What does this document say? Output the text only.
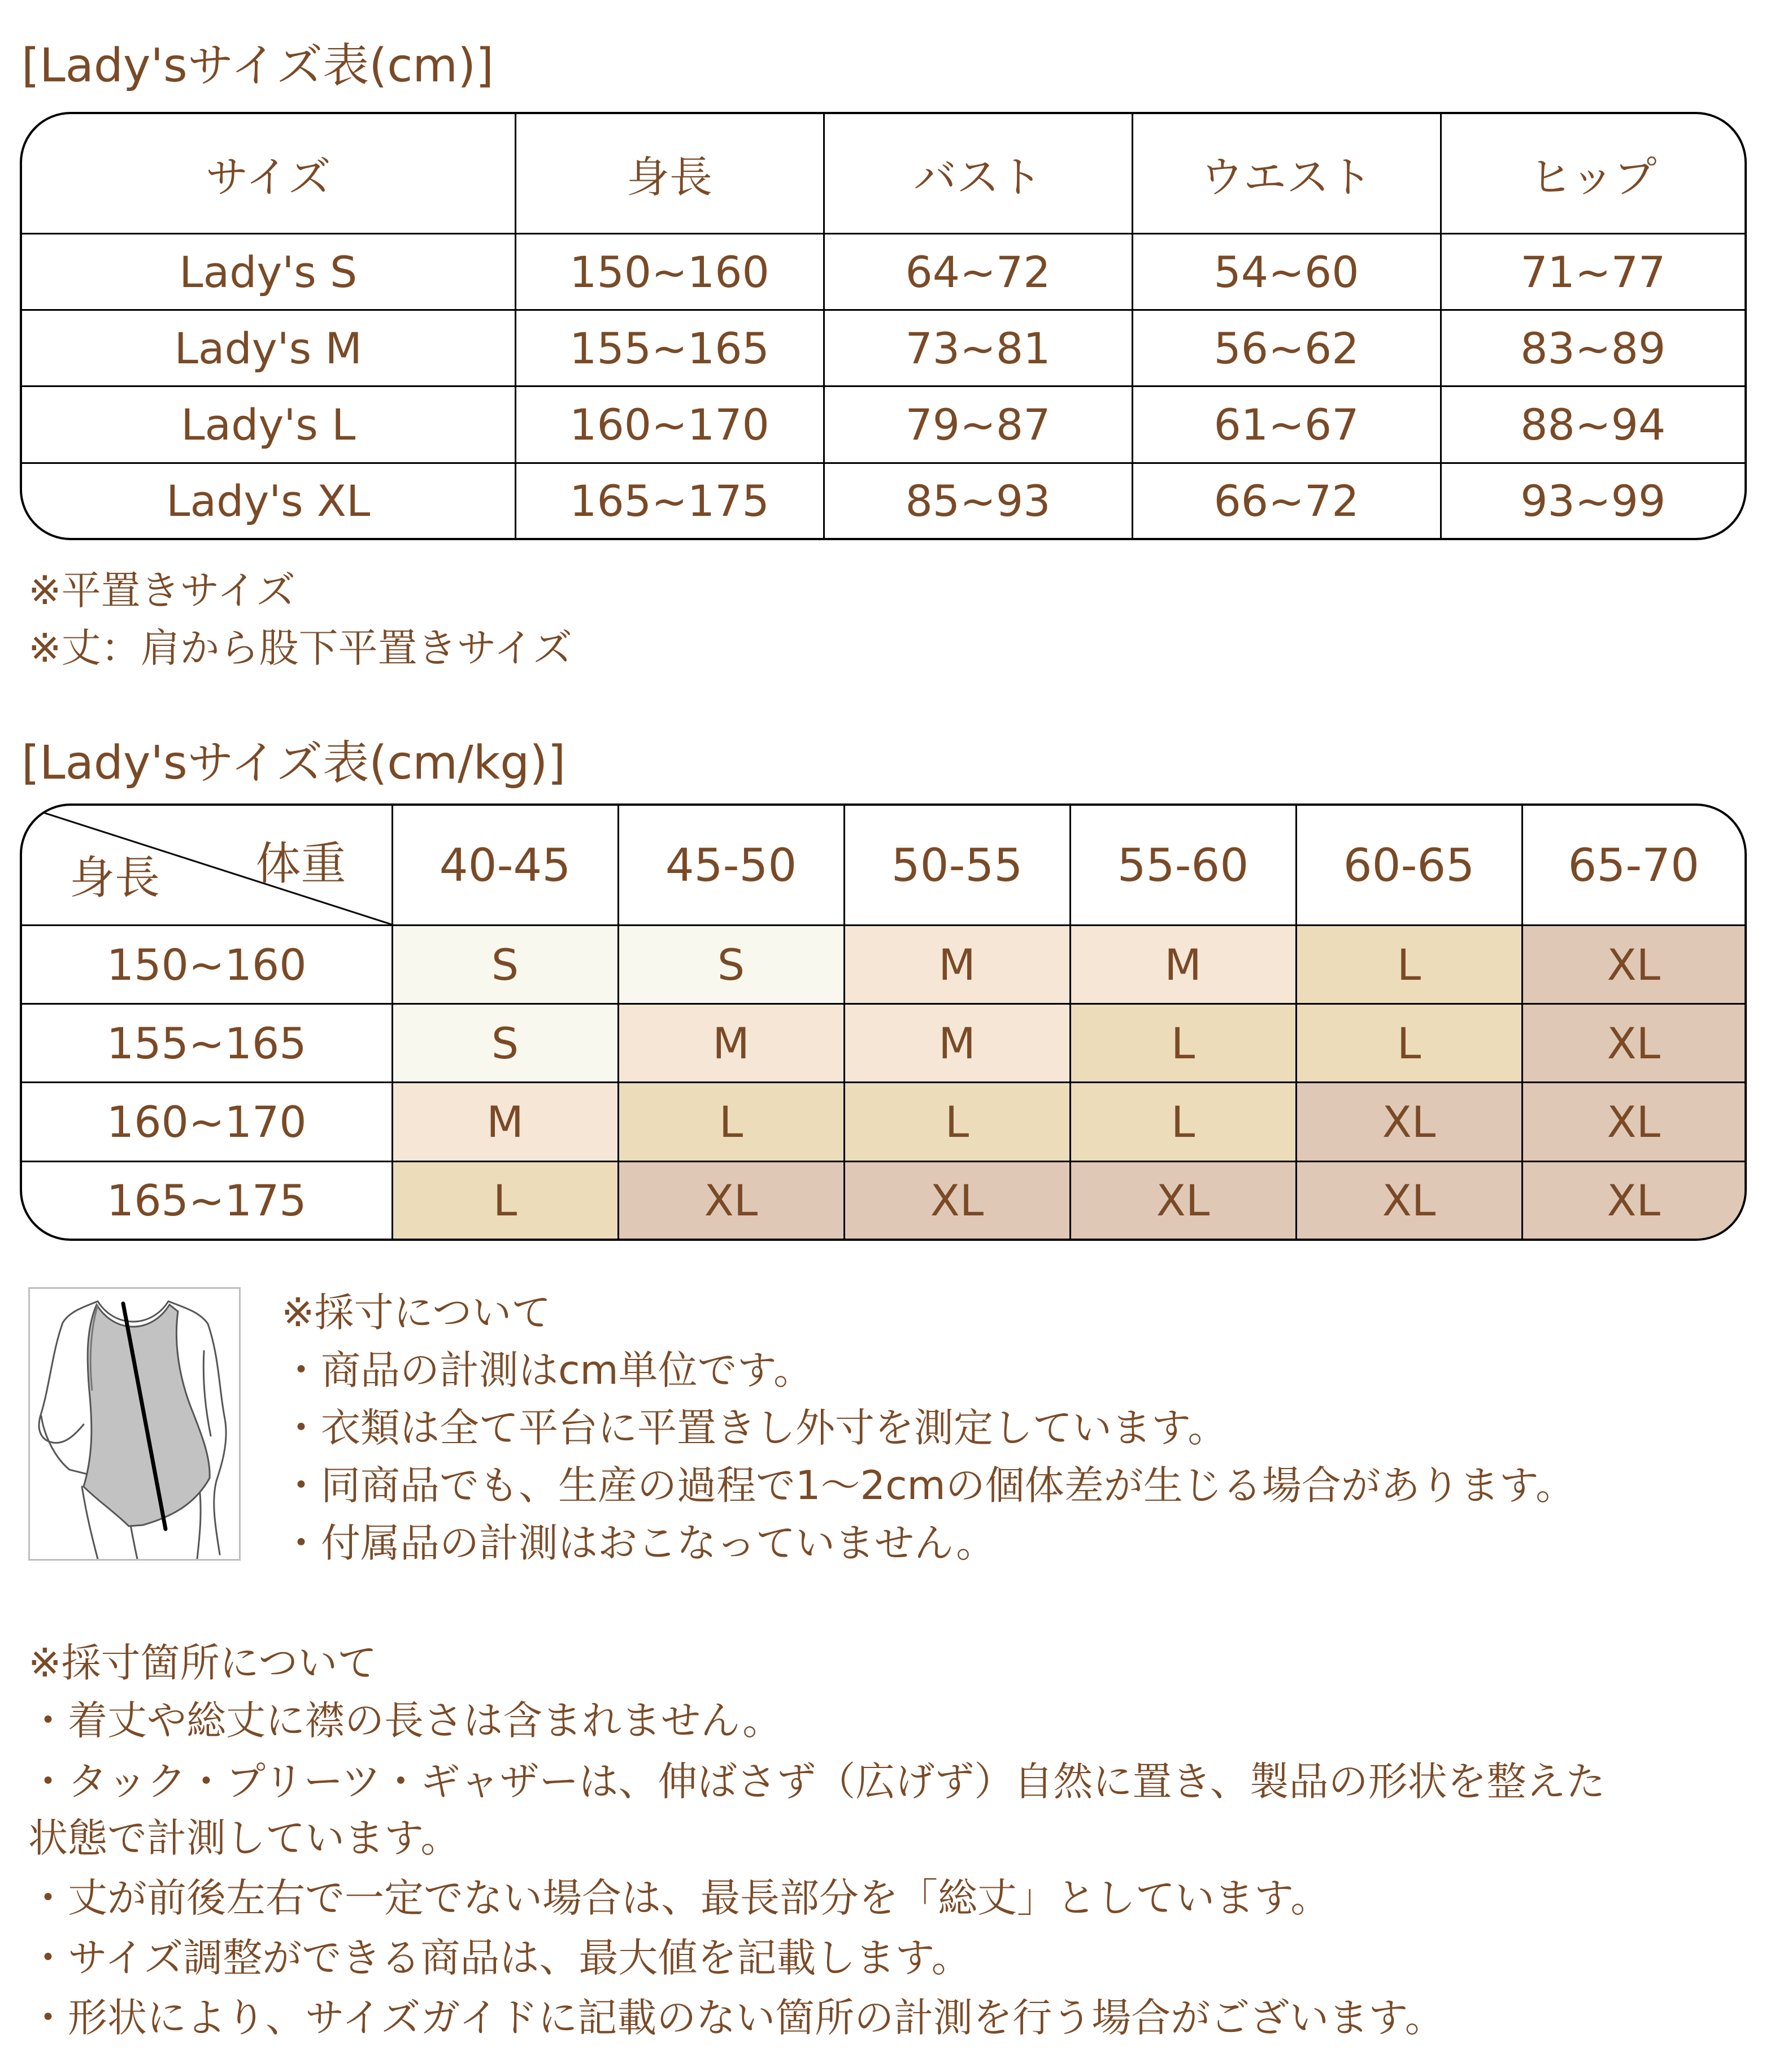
[Lady'sサイズ表(cm)]
サイズ	身長	バスト	ウエスト	ヒップ
Lady's S	150~160	64~72	54~60	71~77
Lady's M	155~165	73~81	56~62	83~89
Lady's L	160~170	79~87	61~67	88~94
Lady's XL	165~175	85~93	66~72	93~99
※平置きサイズ
※丈：肩から股下平置きサイズ
[Lady'sサイズ表(cm/kg)]
体重
身長	40-45	45-50	50-55	55-60	60-65	65-70
150~160	S	S	M	M	L	XL
155~165	S	M	M	L	L	XL
160~170	M	L	L	L	XL	XL
165~175	L	XL	XL	XL	XL	XL
※採寸について
・商品の計測はcm単位です。
・衣類は全て平台に平置きし外寸を測定しています。
・同商品でも、生産の過程で1～2cmの個体差が生じる場合があります。
・付属品の計測はおこなっていません。
※採寸箇所について
・着丈や総丈に襟の長さは含まれません。
・タック・プリーツ・ギャザーは、伸ばさず（広げず）自然に置き、製品の形状を整えた
状態で計測しています。
・丈が前後左右で一定でない場合は、最長部分を「総丈」としています。
・サイズ調整ができる商品は、最大値を記載します。
・形状により、サイズガイドに記載のない箇所の計測を行う場合がございます。
